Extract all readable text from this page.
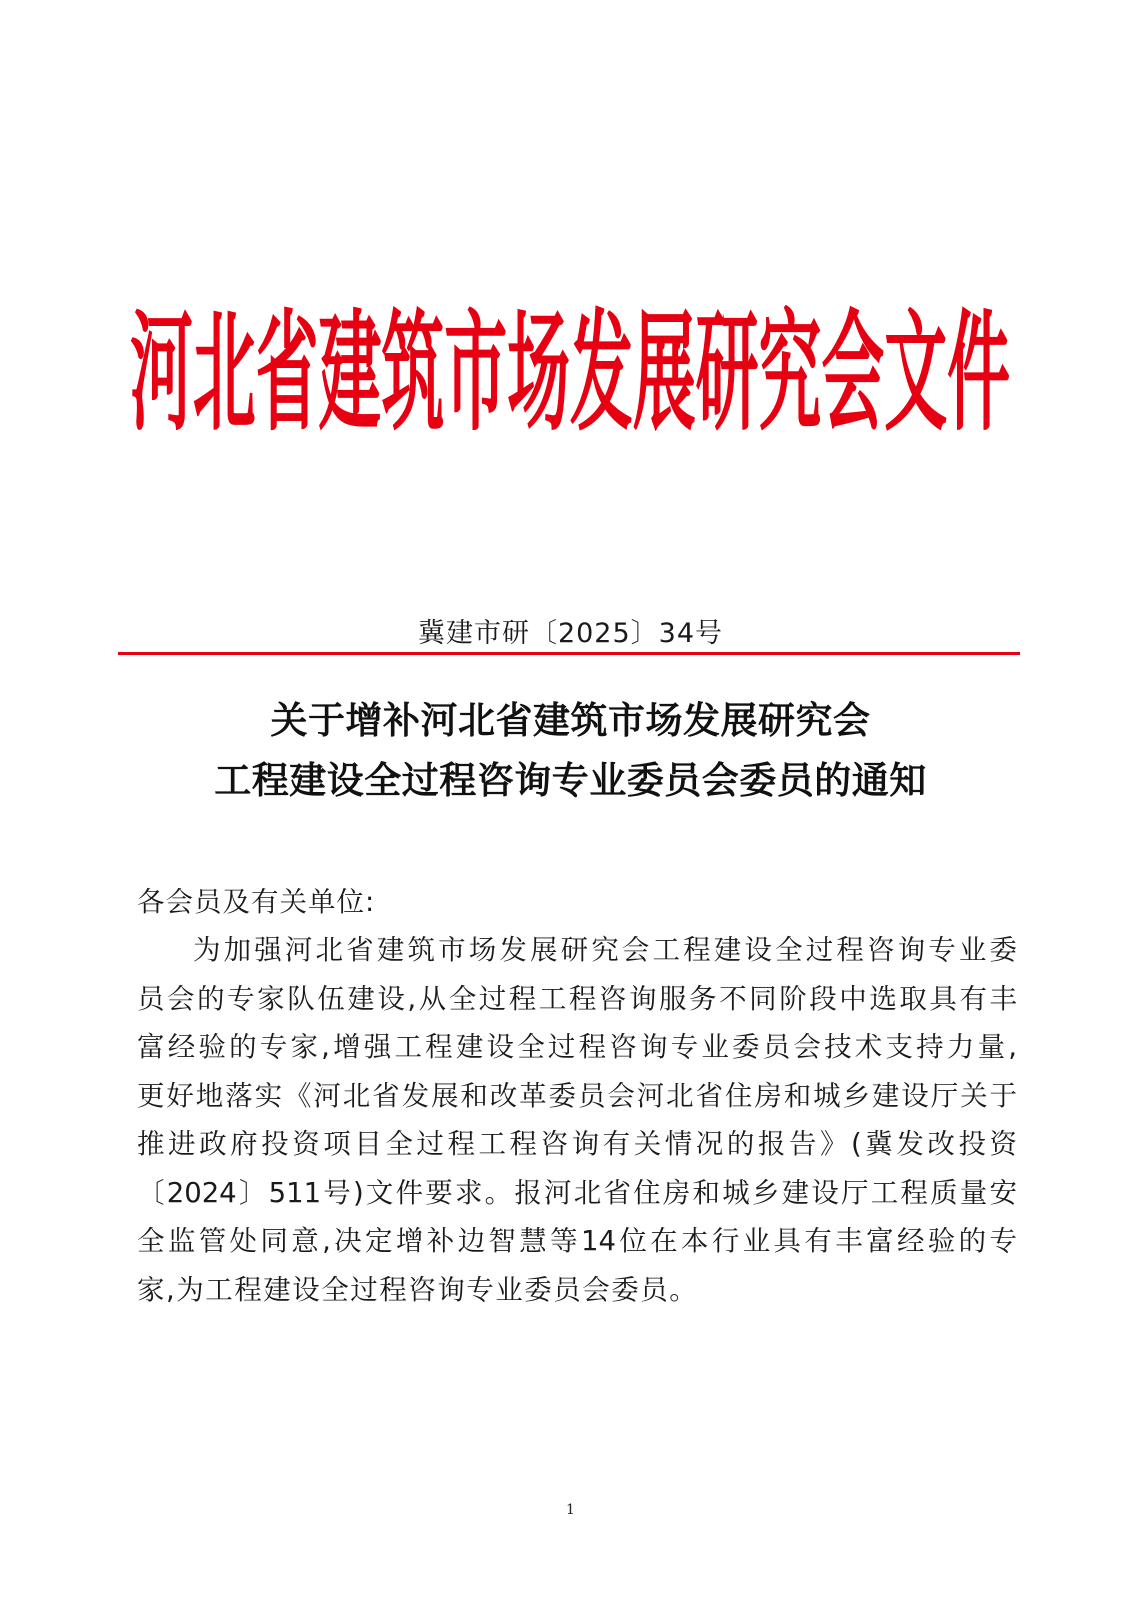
河北省建筑市场发展研究会文件
冀建市研〔2025〕34号
关于增补河北省建筑市场发展研究会
工程建设全过程咨询专业委员会委员的通知
各会员及有关单位:
为加强河北省建筑市场发展研究会工程建设全过程咨询专业委
员会的专家队伍建设,从全过程工程咨询服务不同阶段中选取具有丰
富经验的专家,增强工程建设全过程咨询专业委员会技术支持力量,
更好地落实《河北省发展和改革委员会河北省住房和城乡建设厅关于
推进政府投资项目全过程工程咨询有关情况的报告》(冀发改投资
〔2024〕511号)文件要求。报河北省住房和城乡建设厅工程质量安
全监管处同意,决定增补边智慧等14位在本行业具有丰富经验的专
家,为工程建设全过程咨询专业委员会委员。
1
